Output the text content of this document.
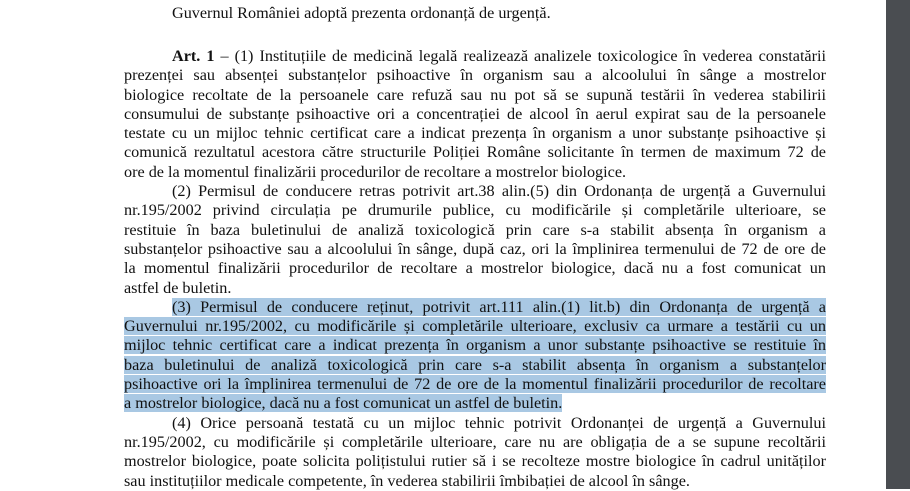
Guvernul României adoptă prezenta ordonanță de urgență.
Art. 1 – (1) Instituțiile de medicină legală realizează analizele toxicologice în vederea constatării
prezenței sau absenței substanțelor psihoactive în organism sau a alcoolului în sânge a mostrelor
biologice recoltate de la persoanele care refuză sau nu pot să se supună testării în vederea stabilirii
consumului de substanțe psihoactive ori a concentrației de alcool în aerul expirat sau de la persoanele
testate cu un mijloc tehnic certificat care a indicat prezența în organism a unor substanțe psihoactive și
comunică rezultatul acestora către structurile Poliției Române solicitante în termen de maximum 72 de
ore de la momentul finalizării procedurilor de recoltare a mostrelor biologice.
(2) Permisul de conducere retras potrivit art.38 alin.(5) din Ordonanța de urgență a Guvernului
nr.195/2002 privind circulația pe drumurile publice, cu modificările și completările ulterioare, se
restituie în baza buletinului de analiză toxicologică prin care s-a stabilit absența în organism a
substanțelor psihoactive sau a alcoolului în sânge, după caz, ori la împlinirea termenului de 72 de ore de
la momentul finalizării procedurilor de recoltare a mostrelor biologice, dacă nu a fost comunicat un
astfel de buletin.
(3) Permisul de conducere reținut, potrivit art.111 alin.(1) lit.b) din Ordonanța de urgență a
Guvernului nr.195/2002, cu modificările și completările ulterioare, exclusiv ca urmare a testării cu un
mijloc tehnic certificat care a indicat prezența în organism a unor substanțe psihoactive se restituie în
baza buletinului de analiză toxicologică prin care s-a stabilit absența în organism a substanțelor
psihoactive ori la împlinirea termenului de 72 de ore de la momentul finalizării procedurilor de recoltare
a mostrelor biologice, dacă nu a fost comunicat un astfel de buletin.
(4) Orice persoană testată cu un mijloc tehnic potrivit Ordonanței de urgență a Guvernului
nr.195/2002, cu modificările și completările ulterioare, care nu are obligația de a se supune recoltării
mostrelor biologice, poate solicita polițistului rutier să i se recolteze mostre biologice în cadrul unităților
sau instituțiilor medicale competente, în vederea stabilirii îmbibației de alcool în sânge.
